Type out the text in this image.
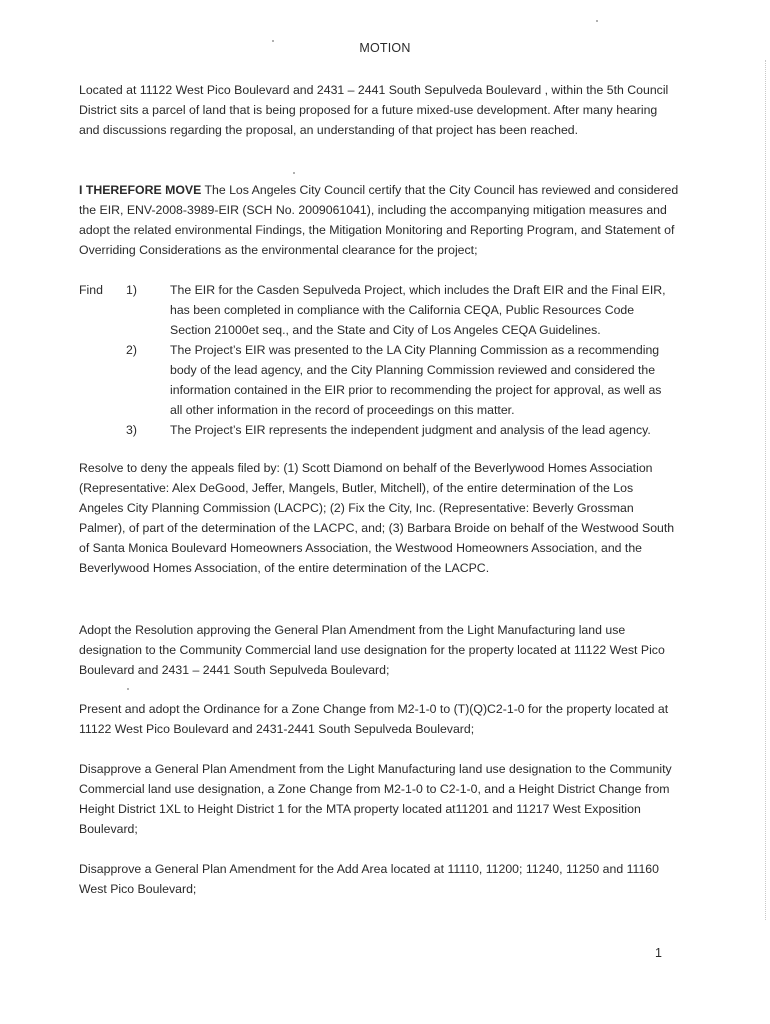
MOTION

Located at 11122 West Pico Boulevard and 2431 – 2441 South Sepulveda Boulevard , within the 5th Council District sits a parcel of land that is being proposed for a future mixed-use development. After many hearing and discussions regarding the proposal, an understanding of that project has been reached.

I THEREFORE MOVE The Los Angeles City Council certify that the City Council has reviewed and considered the EIR, ENV-2008-3989-EIR (SCH No. 2009061041), including the accompanying mitigation measures and adopt the related environmental Findings, the Mitigation Monitoring and Reporting Program, and Statement of Overriding Considerations as the environmental clearance for the project;

Find 1)	The EIR for the Casden Sepulveda Project, which includes the Draft EIR and the Final EIR, has been completed in compliance with the California CEQA, Public Resources Code Section 21000et seq., and the State and City of Los Angeles CEQA Guidelines.

2)	The Project’s EIR was presented to the LA City Planning Commission as a recommending body of the lead agency, and the City Planning Commission reviewed and considered the information contained in the EIR prior to recommending the project for approval, as well as all other information in the record of proceedings on this matter.

3)	The Project’s EIR represents the independent judgment and analysis of the lead agency.

Resolve to deny the appeals filed by: (1) Scott Diamond on behalf of the Beverlywood Homes Association (Representative: Alex DeGood, Jeffer, Mangels, Butler, Mitchell), of the entire determination of the Los Angeles City Planning Commission (LACPC); (2) Fix the City, Inc. (Representative: Beverly Grossman Palmer), of part of the determination of the LACPC, and; (3) Barbara Broide on behalf of the Westwood South of Santa Monica Boulevard Homeowners Association, the Westwood Homeowners Association, and the Beverlywood Homes Association, of the entire determination of the LACPC.

Adopt the Resolution approving the General Plan Amendment from the Light Manufacturing land use designation to the Community Commercial land use designation for the property located at 11122 West Pico Boulevard and 2431 – 2441 South Sepulveda Boulevard;

Present and adopt the Ordinance for a Zone Change from M2-1-0 to (T)(Q)C2-1-0 for the property located at 11122 West Pico Boulevard and 2431-2441 South Sepulveda Boulevard;

Disapprove a General Plan Amendment from the Light Manufacturing land use designation to the Community Commercial land use designation, a Zone Change from M2-1-0 to C2-1-0, and a Height District Change from Height District 1XL to Height District 1 for the MTA property located at11201 and 11217 West Exposition Boulevard;

Disapprove a General Plan Amendment for the Add Area located at 11110, 11200; 11240, 11250 and 11160 West Pico Boulevard;

1
